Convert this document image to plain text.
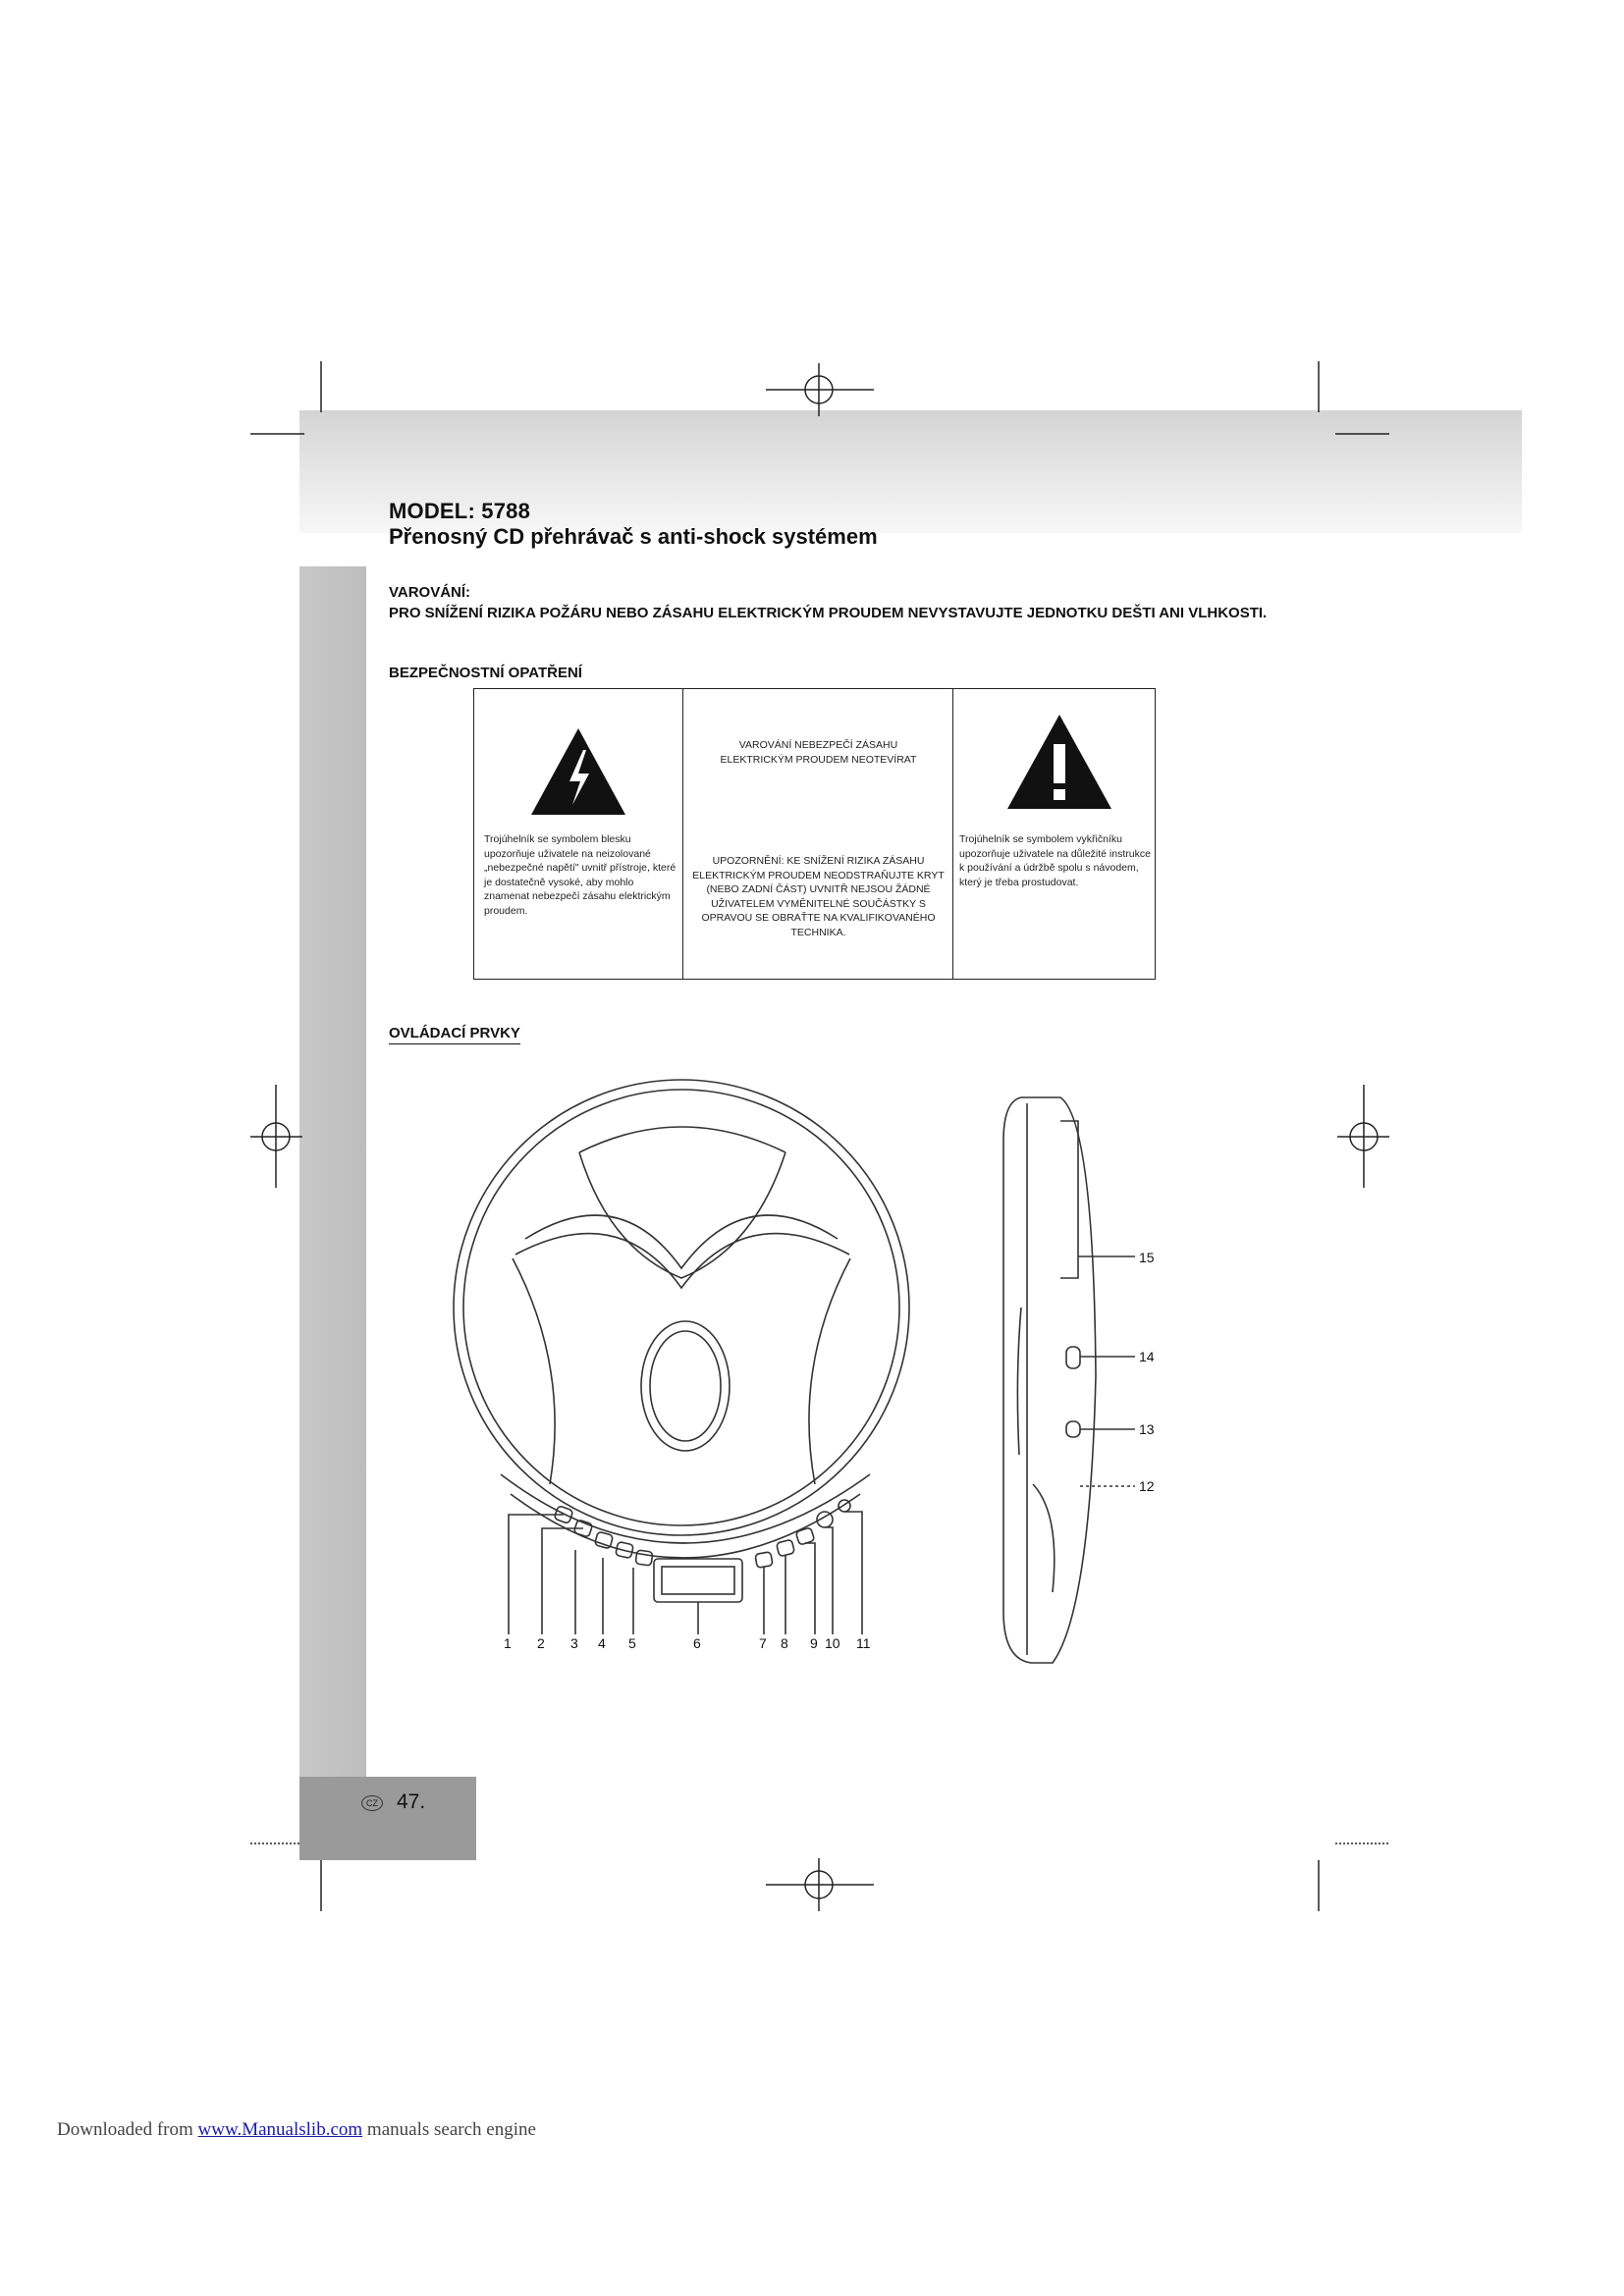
MODEL: 5788
Přenosný CD přehrávač s anti-shock systémem
VAROVÁNÍ:
PRO SNÍŽENÍ RIZIKA POŽÁRU NEBO ZÁSAHU ELEKTRICKÝM PROUDEM NEVYSTAVUJTE JEDNOTKU DEŠTI ANI VLHKOSTI.
BEZPEČNOSTNÍ OPATŘENÍ
Trojúhelník se symbolem blesku upozorňuje uživatele na neizolované „nebezpečné napětí" uvnitř přístroje, které je dostatečně vysoké, aby mohlo znamenat nebezpečí zásahu elektrickým proudem.
VAROVÁNÍ NEBEZPEČÍ ZÁSAHU ELEKTRICKÝM PROUDEM NEOTEVÍRAT
UPOZORNĚNÍ: KE SNÍŽENÍ RIZIKA ZÁSAHU ELEKTRICKÝM PROUDEM NEODSTRAŇUJTE KRYT (NEBO ZADNÍ ČÁST) UVNITŘ NEJSOU ŽÁDNÉ UŽIVATELEM VYMĚNITELNÉ SOUČÁSTKY S OPRAVOU SE OBRAŤTE NA KVALIFIKOVANÉHO TECHNIKA.
Trojúhelník se symbolem vykřičníku upozorňuje uživatele na důležité instrukce k používání a údržbě spolu s návodem, který je třeba prostudovat.
OVLÁDACÍ PRVKY
1 2 3 4 5	6	7 8 9 10 11
15
14
13
12
CZ 47.
Downloaded from www.Manualslib.com manuals search engine
